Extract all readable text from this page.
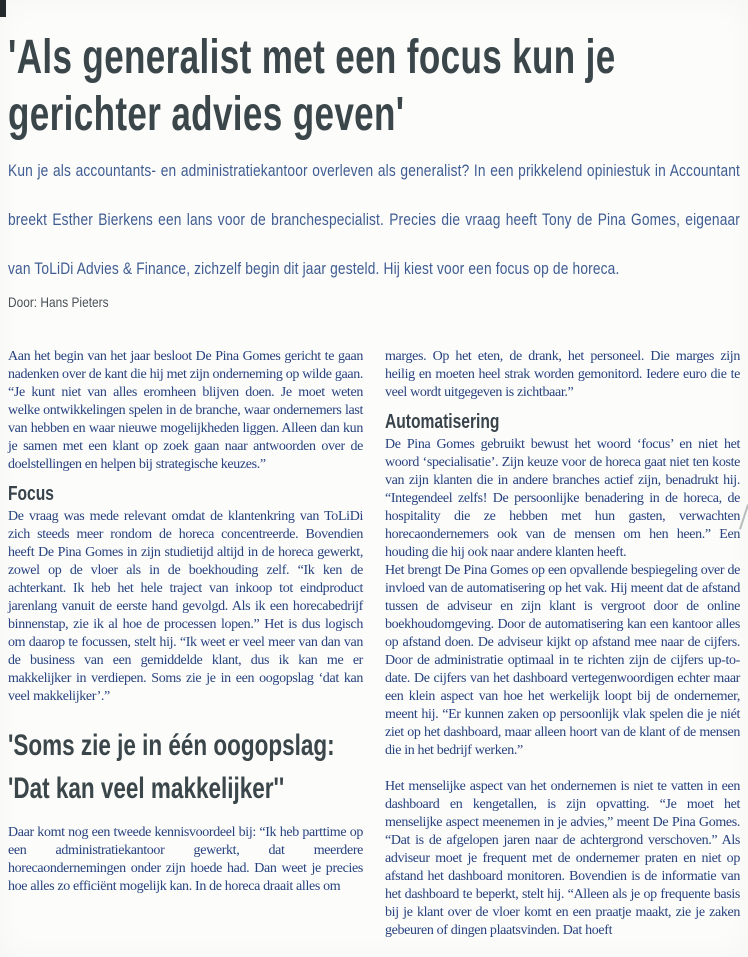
'Als generalist met een focus kun je
gerichter advies geven'

Kun je als accountants- en administratiekantoor overleven als generalist? In een prikkelend opiniestuk in Accountant breekt Esther Bierkens een lans voor de branchespecialist. Precies die vraag heeft Tony de Pina Gomes, eigenaar van ToLiDi Advies & Finance, zichzelf begin dit jaar gesteld. Hij kiest voor een focus op de horeca.

Door: Hans Pieters

Aan het begin van het jaar besloot De Pina Gomes gericht te gaan nadenken over de kant die hij met zijn onderneming op wilde gaan. “Je kunt niet van alles eromheen blijven doen. Je moet weten welke ontwikkelingen spelen in de branche, waar ondernemers last van hebben en waar nieuwe mogelijkheden liggen. Alleen dan kun je samen met een klant op zoek gaan naar antwoorden over de doelstellingen en helpen bij strategische keuzes.”

Focus

De vraag was mede relevant omdat de klantenkring van ToLiDi zich steeds meer rondom de horeca concentreerde. Bovendien heeft De Pina Gomes in zijn studietijd altijd in de horeca gewerkt, zowel op de vloer als in de boekhouding zelf. “Ik ken de achterkant. Ik heb het hele traject van inkoop tot eindproduct jarenlang vanuit de eerste hand gevolgd. Als ik een horecabedrijf binnenstap, zie ik al hoe de processen lopen.” Het is dus logisch om daarop te focussen, stelt hij. “Ik weet er veel meer van dan van de business van een gemiddelde klant, dus ik kan me er makkelijker in verdiepen. Soms zie je in een oogopslag ‘dat kan veel makkelijker’.”

'Soms zie je in één oogopslag:
'Dat kan veel makkelijker''

Daar komt nog een tweede kennisvoordeel bij: “Ik heb parttime op een administratiekantoor gewerkt, dat meerdere horecaondernemingen onder zijn hoede had. Dan weet je precies hoe alles zo efficiënt mogelijk kan. In de horeca draait alles om

marges. Op het eten, de drank, het personeel. Die marges zijn heilig en moeten heel strak worden gemonitord. Iedere euro die te veel wordt uitgegeven is zichtbaar.”

Automatisering

De Pina Gomes gebruikt bewust het woord ‘focus’ en niet het woord ‘specialisatie’. Zijn keuze voor de horeca gaat niet ten koste van zijn klanten die in andere branches actief zijn, benadrukt hij. “Integendeel zelfs! De persoonlijke benadering in de horeca, de hospitality die ze hebben met hun gasten, verwachten horecaondernemers ook van de mensen om hen heen.” Een houding die hij ook naar andere klanten heeft.

Het brengt De Pina Gomes op een opvallende bespiegeling over de invloed van de automatisering op het vak. Hij meent dat de afstand tussen de adviseur en zijn klant is vergroot door de online boekhoudomgeving. Door de automatisering kan een kantoor alles op afstand doen. De adviseur kijkt op afstand mee naar de cijfers. Door de administratie optimaal in te richten zijn de cijfers up-to-date. De cijfers van het dashboard vertegenwoordigen echter maar een klein aspect van hoe het werkelijk loopt bij de ondernemer, meent hij. “Er kunnen zaken op persoonlijk vlak spelen die je niét ziet op het dashboard, maar alleen hoort van de klant of de mensen die in het bedrijf werken.”

Het menselijke aspect van het ondernemen is niet te vatten in een dashboard en kengetallen, is zijn opvatting. “Je moet het menselijke aspect meenemen in je advies,” meent De Pina Gomes. “Dat is de afgelopen jaren naar de achtergrond verschoven.” Als adviseur moet je frequent met de ondernemer praten en niet op afstand het dashboard monitoren. Bovendien is de informatie van het dashboard te beperkt, stelt hij. “Alleen als je op frequente basis bij je klant over de vloer komt en een praatje maakt, zie je zaken gebeuren of dingen plaatsvinden. Dat hoeft
